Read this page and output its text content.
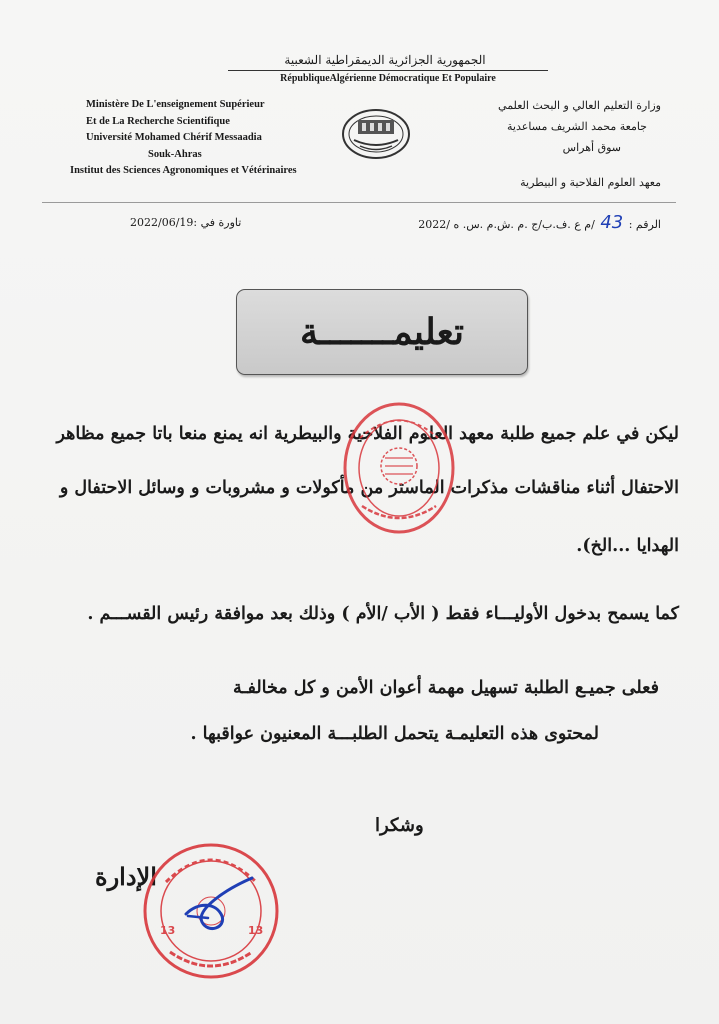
الجمهورية الجزائرية الديمقراطية الشعبية
RépubliqueAlgérienne Démocratique Et Populaire
Ministère De L'enseignement Supérieur
Et de La Recherche Scientifique
Université Mohamed Chérif Messaadia
Souk-Ahras
Institut des Sciences Agronomiques et Vétérinaires
وزارة التعليم العالي و البحث العلمي
جامعة محمد الشريف مساعدية
سوق أهراس
معهد العلوم الفلاحية و البيطرية
الرقم : 43 /م ع .ف.ب/ج .م .ش.م .س. ه /2022
تاورة في :2022/06/19
تعليمـــــــة
ليكن في علم جميع طلبة معهد العلوم الفلاحية والبيطرية انه يمنع منعا باتا جميع مظاهر
الاحتفال أثناء مناقشات مذكرات الماستر من مأكولات و مشروبات و وسائل الاحتفال و
الهدايا ...الخ).
كما يسمح بدخول الأوليـــاء فقط ( الأب /الأم ) وذلك بعد موافقة رئيس القســـم .
فعلى جميـع الطلبة تسهيل مهمة أعوان الأمن و كل مخالفـة
لمحتوى هذه التعليمـة يتحمل الطلبـــة المعنيون عواقبها .
وشكرا
الإدارة
13	13
